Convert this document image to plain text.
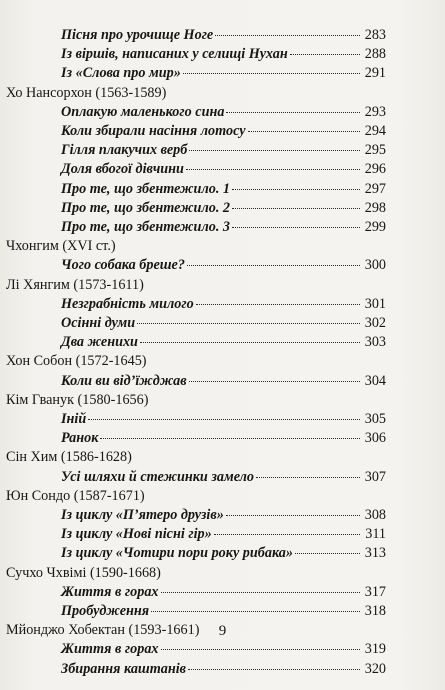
Пісня про урочище Ноге	283
Із віршів, написаних у селищі Нухан	288
Із «Слова про мир»	291
Хо Нансорхон (1563-1589)
Оплакую маленького сина	293
Коли збирали насіння лотосу	294
Гілля плакучих верб	295
Доля вбогої дівчини	296
Про те, що збентежило. 1	297
Про те, що збентежило. 2	298
Про те, що збентежило. 3	299
Чхонгим (XVI ст.)
Чого собака бреше?	300
Лі Хянгим (1573-1611)
Незграбність милого	301
Осінні думи	302
Два женихи	303
Хон Собон (1572-1645)
Коли ви від’їжджав	304
Кім Гванук (1580-1656)
Іній	305
Ранок	306
Сін Хим (1586-1628)
Усі шляхи й стежинки замело	307
Юн Сондо (1587-1671)
Із циклу «П’ятеро друзів»	308
Із циклу «Нові пісні гір»	311
Із циклу «Чотири пори року рибака»	313
Сучхо Чхвімі (1590-1668)
Життя в горах	317
Пробудження	318
Мйонджо Хобектан (1593-1661)
Життя в горах	319
Збирання каштанів	320
9
